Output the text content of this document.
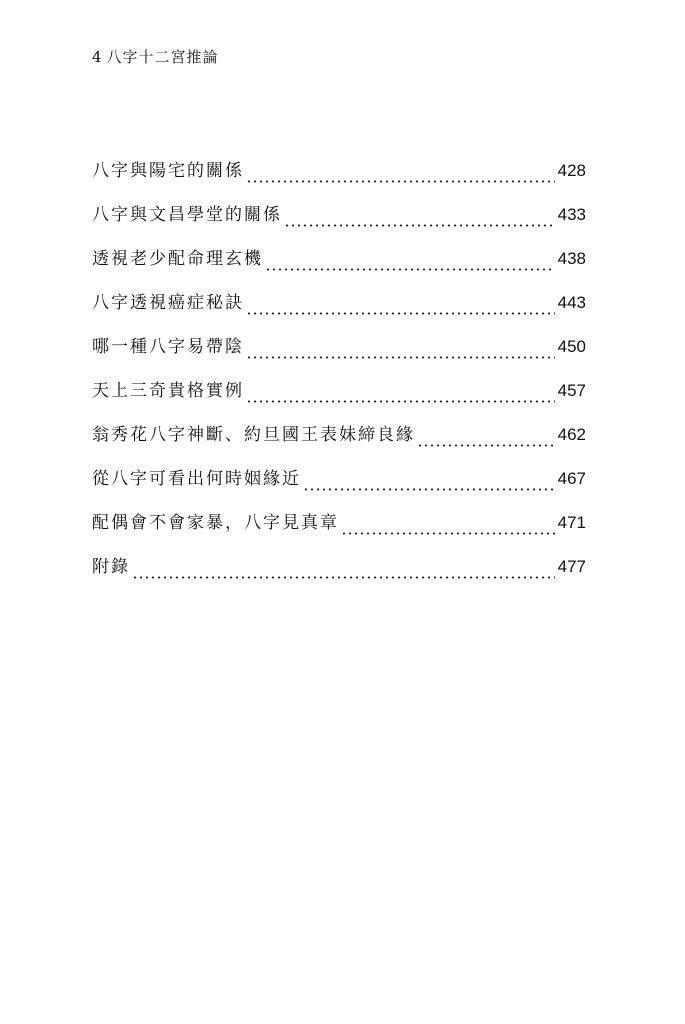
4 八字十二宮推論
八字與陽宅的關係	428
八字與文昌學堂的關係	433
透視老少配命理玄機	438
八字透視癌症秘訣	443
哪一種八字易帶陰	450
天上三奇貴格實例	457
翁秀花八字神斷、約旦國王表妹締良緣	462
從八字可看出何時姻緣近	467
配偶會不會家暴，八字見真章	471
附錄	477
